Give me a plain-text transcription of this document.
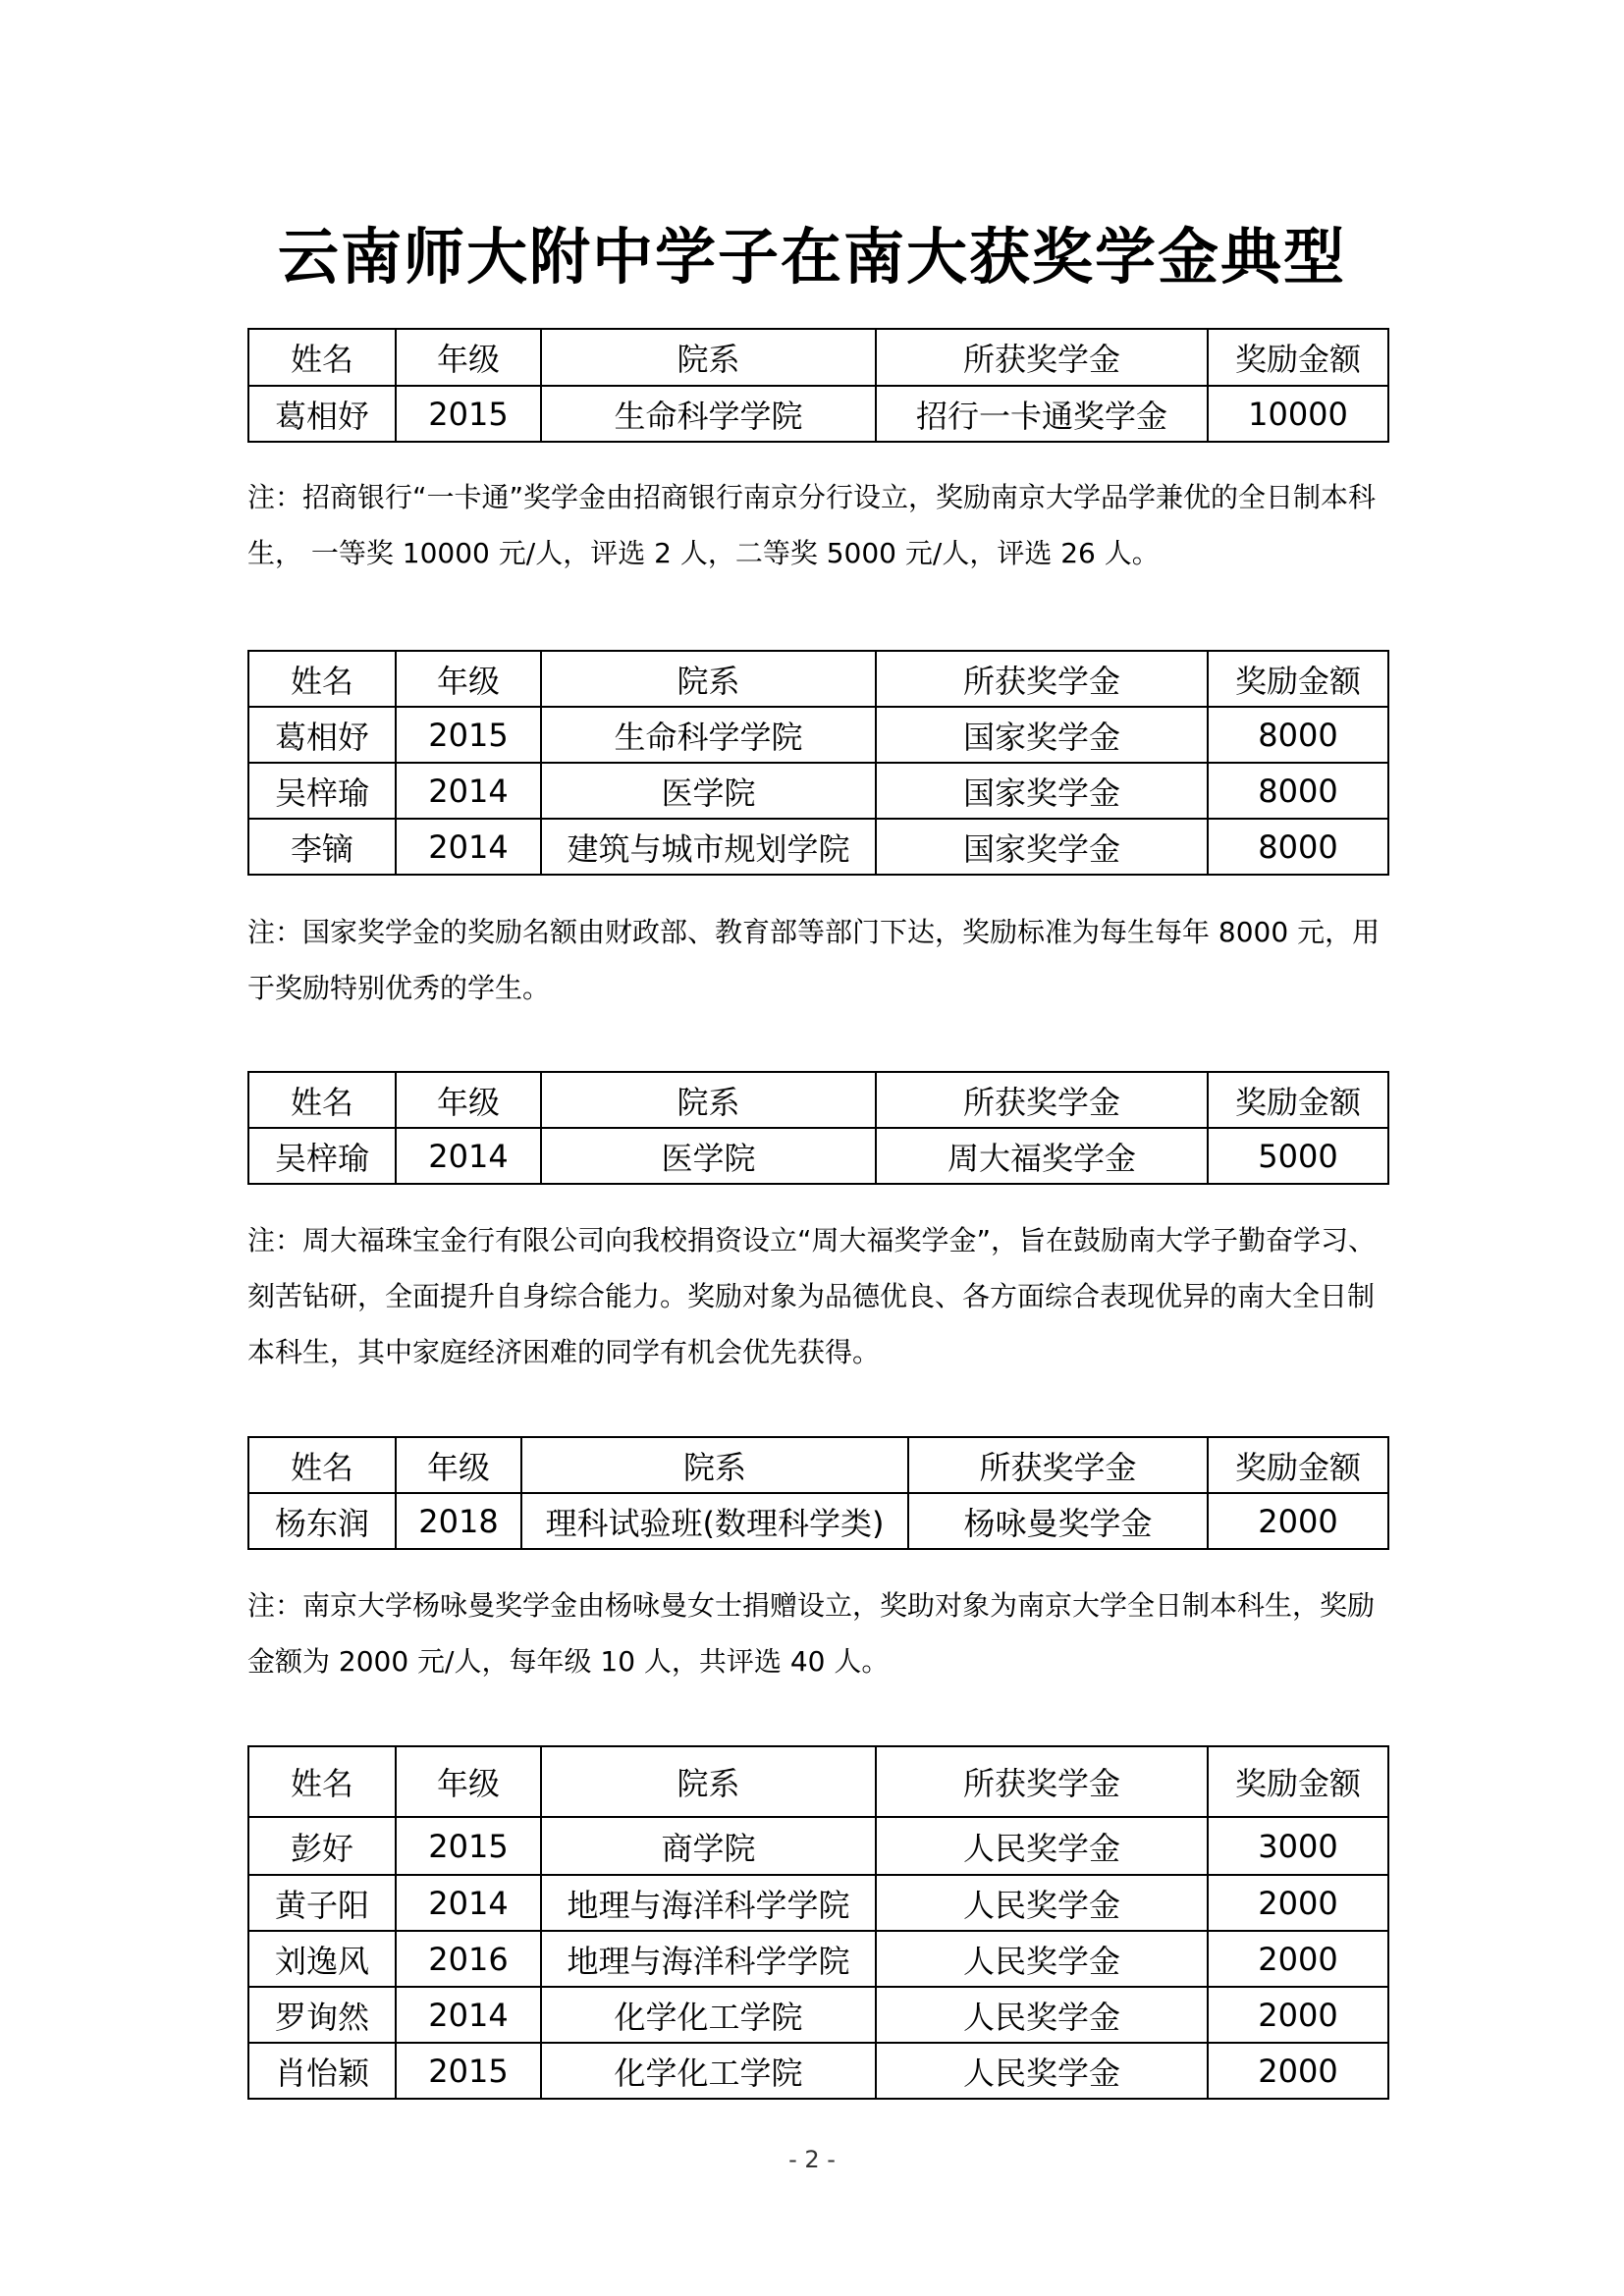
云南师大附中学子在南大获奖学金典型
姓名	年级	院系	所获奖学金	奖励金额
葛相妤	2015	生命科学学院	招行一卡通奖学金	10000

注：招商银行“一卡通”奖学金由招商银行南京分行设立，奖励南京大学品学兼优的全日制本科生， 一等奖 10000 元/人，评选 2 人，二等奖 5000 元/人，评选 26 人。

姓名	年级	院系	所获奖学金	奖励金额
葛相妤	2015	生命科学学院	国家奖学金	8000
吴梓瑜	2014	医学院	国家奖学金	8000
李镝	2014	建筑与城市规划学院	国家奖学金	8000

注：国家奖学金的奖励名额由财政部、教育部等部门下达，奖励标准为每生每年 8000 元，用于奖励特别优秀的学生。

姓名	年级	院系	所获奖学金	奖励金额
吴梓瑜	2014	医学院	周大福奖学金	5000

注：周大福珠宝金行有限公司向我校捐资设立“周大福奖学金”，旨在鼓励南大学子勤奋学习、刻苦钻研，全面提升自身综合能力。奖励对象为品德优良、各方面综合表现优异的南大全日制本科生，其中家庭经济困难的同学有机会优先获得。

姓名	年级	院系	所获奖学金	奖励金额
杨东润	2018	理科试验班(数理科学类)	杨咏曼奖学金	2000

注：南京大学杨咏曼奖学金由杨咏曼女士捐赠设立，奖助对象为南京大学全日制本科生，奖励金额为 2000 元/人，每年级 10 人，共评选 40 人。

姓名	年级	院系	所获奖学金	奖励金额
彭好	2015	商学院	人民奖学金	3000
黄子阳	2014	地理与海洋科学学院	人民奖学金	2000
刘逸风	2016	地理与海洋科学学院	人民奖学金	2000
罗询然	2014	化学化工学院	人民奖学金	2000
肖怡颖	2015	化学化工学院	人民奖学金	2000
- 2 -
